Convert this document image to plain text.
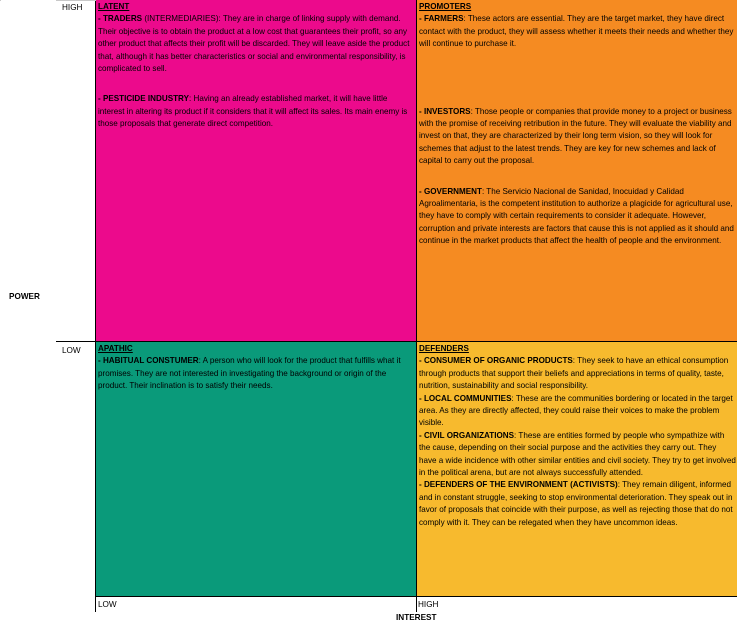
HIGH
POWER
LOW
LOW	HIGH
INTEREST
LATENT

- TRADERS (INTERMEDIARIES): They are in charge of linking supply with demand. Their objective is to obtain the product at a low cost that guarantees their profit, so any other product that affects their profit will be discarded. They will leave aside the product that, although it has better characteristics or social and environmental responsibility, is complicated to sell.

- PESTICIDE INDUSTRY: Having an already established market, it will have little interest in altering its product if it considers that it will affect its sales. Its main enemy is those proposals that generate direct competition.

PROMOTERS

- FARMERS: These actors are essential. They are the target market, they have direct contact with the product, they will assess whether it meets their needs and whether they will continue to purchase it.

- INVESTORS: Those people or companies that provide money to a project or business with the promise of receiving retribution in the future. They will evaluate the viability and invest on that, they are characterized by their long term vision, so they will look for schemes that adjust to the latest trends. They are key for new schemes and lack of capital to carry out the proposal.

- GOVERNMENT: The Servicio Nacional de Sanidad, Inocuidad y Calidad Agroalimentaria, is the competent institution to authorize a plagicide for agricultural use, they have to comply with certain requirements to consider it adequate. However, corruption and private interests are factors that cause this is not applied as it should and continue in the market products that affect the health of people and the environment.

APATHIC

- HABITUAL CONSTUMER: A person who will look for the product that fulfills what it promises. They are not interested in investigating the background or origin of the product. Their inclination is to satisfy their needs.

DEFENDERS

- CONSUMER OF ORGANIC PRODUCTS: They seek to have an ethical consumption through products that support their beliefs and appreciations in terms of quality, taste, nutrition, sustainability and social responsibility.

- LOCAL COMMUNITIES: These are the communities bordering or located in the target area. As they are directly affected, they could raise their voices to make the problem visible.

- CIVIL ORGANIZATIONS: These are entities formed by people who sympathize with the cause, depending on their social purpose and the activities they carry out. They have a wide incidence with other similar entities and civil society. They try to get involved in the political arena, but are not always successfully attended.

- DEFENDERS OF THE ENVIRONMENT (ACTIVISTS): They remain diligent, informed and in constant struggle, seeking to stop environmental deterioration. They speak out in favor of proposals that coincide with their purpose, as well as rejecting those that do not comply with it. They can be relegated when they have uncommon ideas.
